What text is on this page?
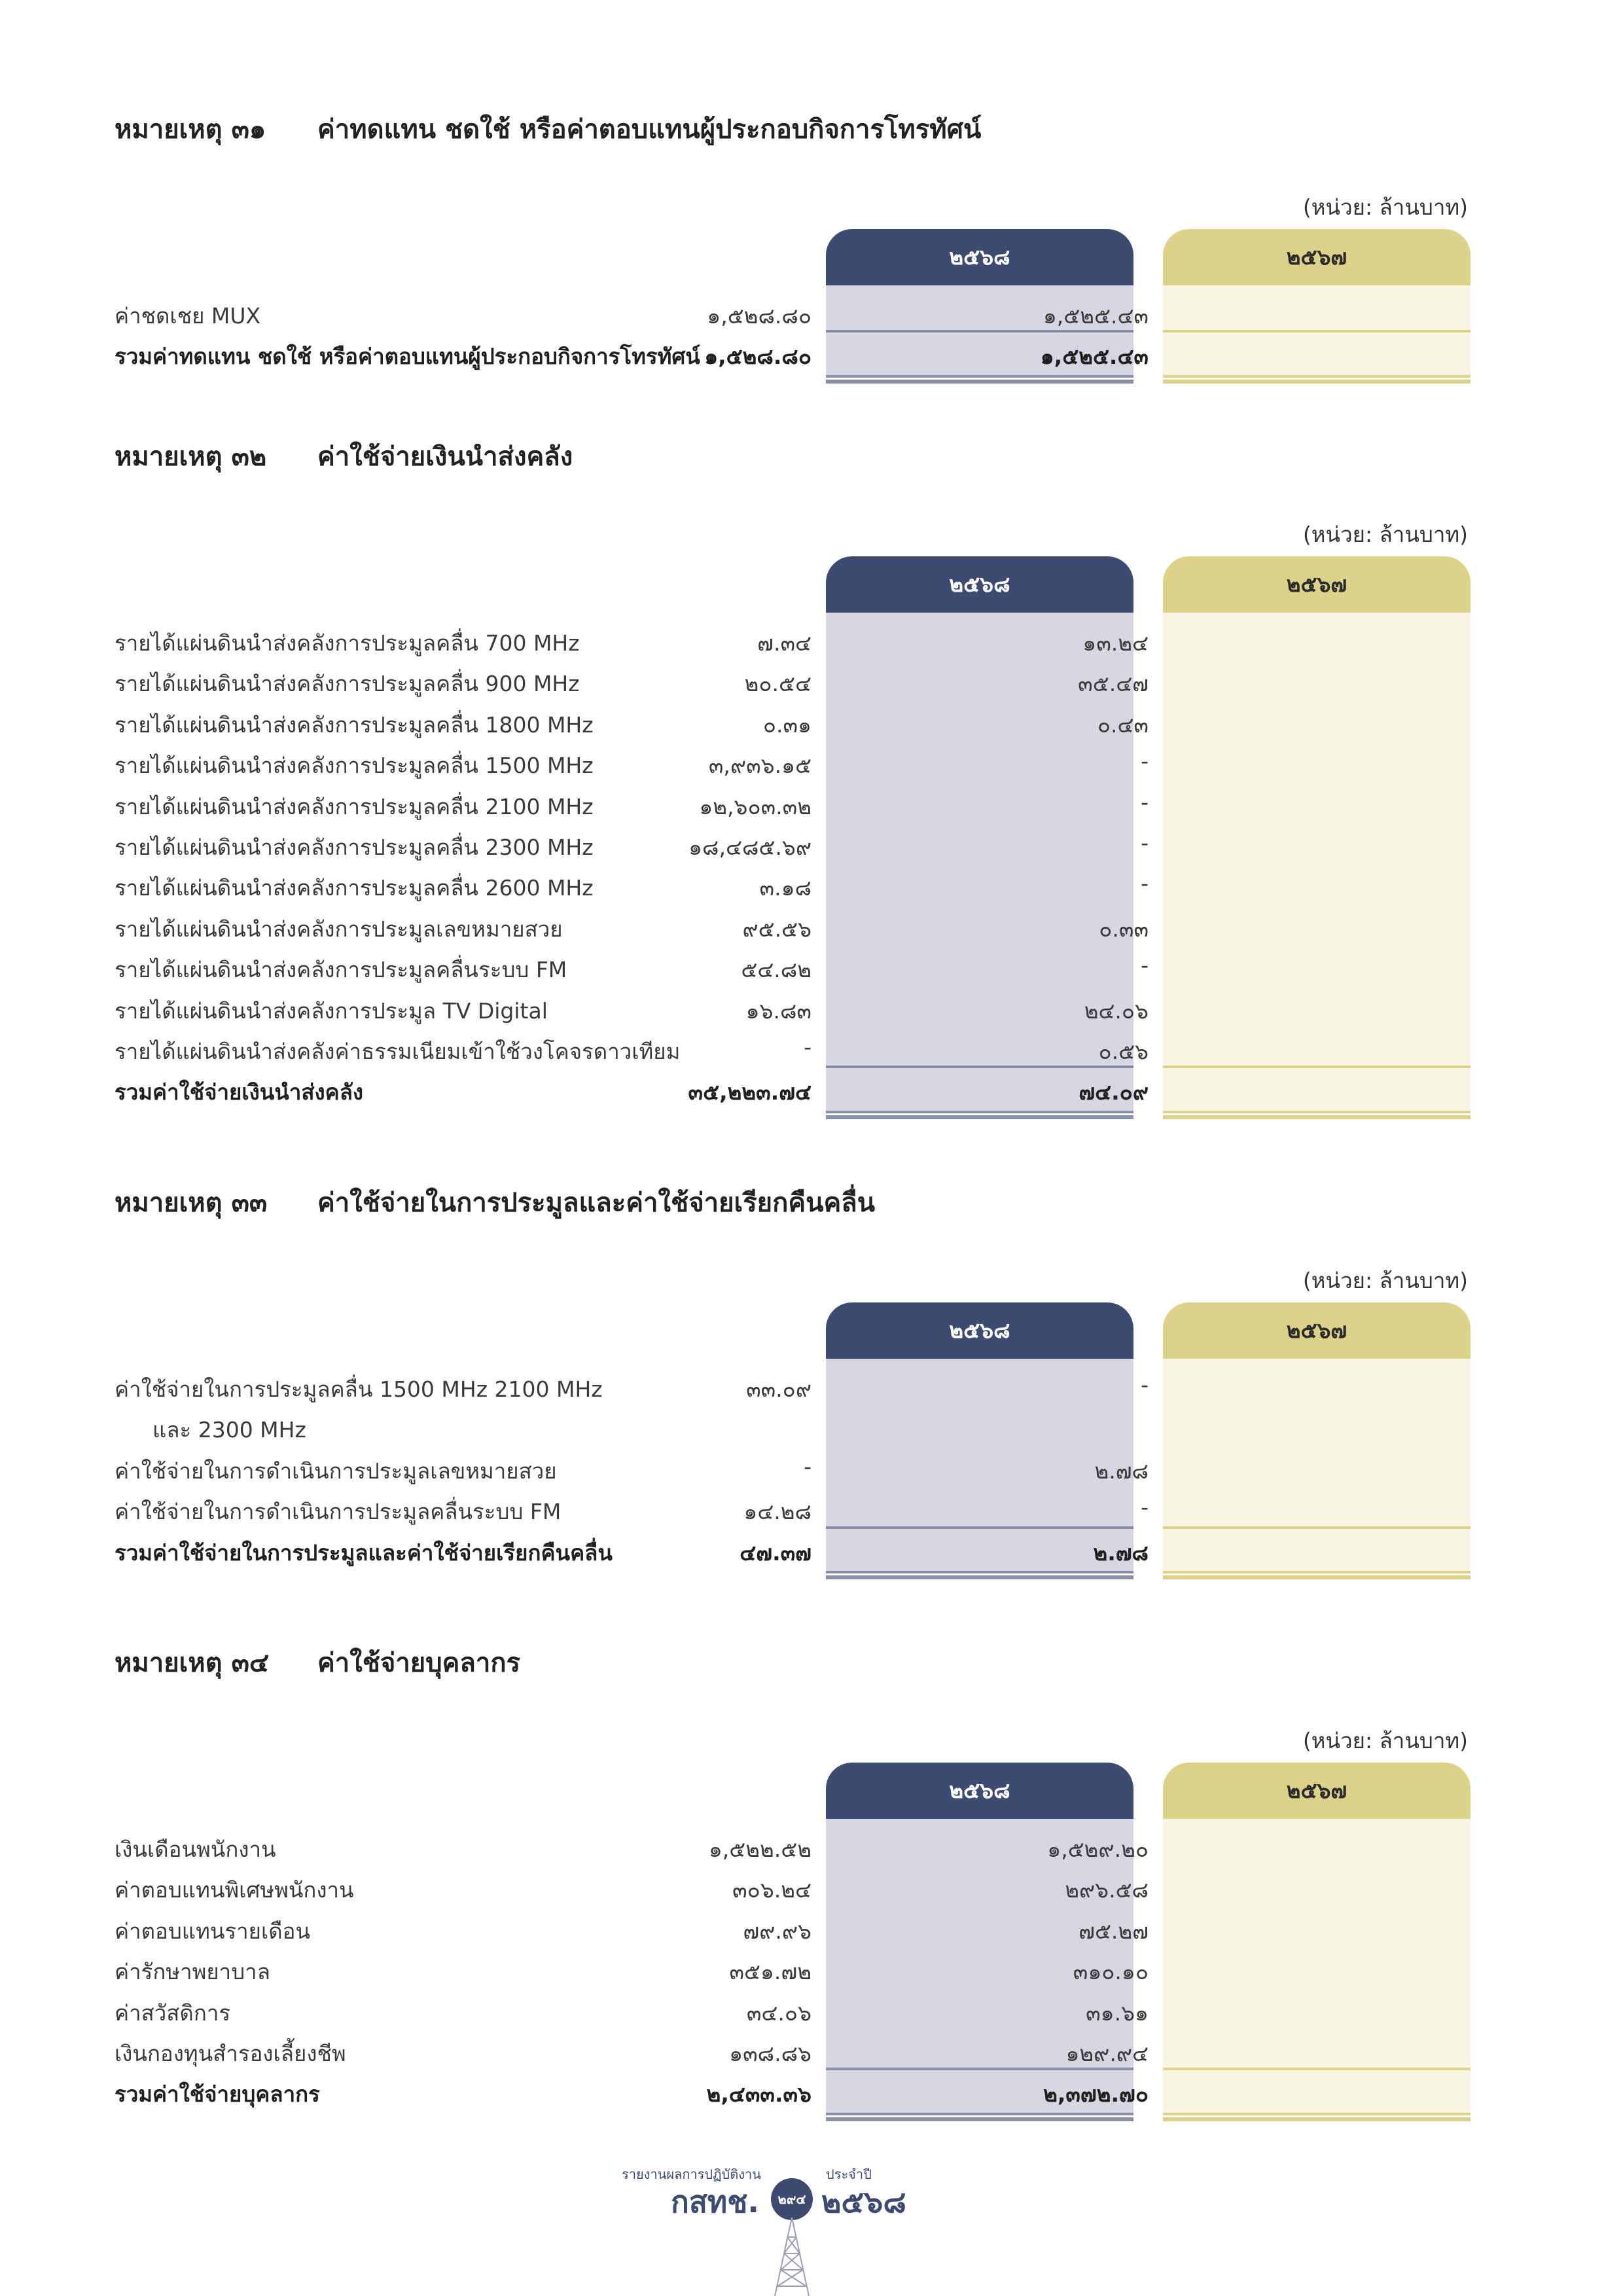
หมายเหตุ ๓๑ ค่าทดแทน ชดใช้ หรือค่าตอบแทนผู้ประกอบกิจการโทรทัศน์
(หน่วย: ล้านบาท)
๒๕๖๘	๒๕๖๗
ค่าชดเชย MUX	๑,๕๒๘.๘๐	๑,๕๒๕.๔๓
รวมค่าทดแทน ชดใช้ หรือค่าตอบแทนผู้ประกอบกิจการโทรทัศน์ ๑,๕๒๘.๘๐	๑,๕๒๕.๔๓
หมายเหตุ ๓๒ ค่าใช้จ่ายเงินนำส่งคลัง
(หน่วย: ล้านบาท)
๒๕๖๘	๒๕๖๗
รายได้แผ่นดินนำส่งคลังการประมูลคลื่น 700 MHz	๗.๓๔	๑๓.๒๔
รายได้แผ่นดินนำส่งคลังการประมูลคลื่น 900 MHz	๒๐.๕๔	๓๕.๔๗
รายได้แผ่นดินนำส่งคลังการประมูลคลื่น 1800 MHz	๐.๓๑	๐.๔๓
รายได้แผ่นดินนำส่งคลังการประมูลคลื่น 1500 MHz	๓,๙๓๖.๑๕	-
รายได้แผ่นดินนำส่งคลังการประมูลคลื่น 2100 MHz	๑๒,๖๐๓.๓๒	-
รายได้แผ่นดินนำส่งคลังการประมูลคลื่น 2300 MHz	๑๘,๔๘๕.๖๙	-
รายได้แผ่นดินนำส่งคลังการประมูลคลื่น 2600 MHz	๓.๑๘	-
รายได้แผ่นดินนำส่งคลังการประมูลเลขหมายสวย	๙๕.๕๖	๐.๓๓
รายได้แผ่นดินนำส่งคลังการประมูลคลื่นระบบ FM	๕๔.๘๒	-
รายได้แผ่นดินนำส่งคลังการประมูล TV Digital	๑๖.๘๓	๒๔.๐๖
รายได้แผ่นดินนำส่งคลังค่าธรรมเนียมเข้าใช้วงโคจรดาวเทียม	-	๐.๕๖
รวมค่าใช้จ่ายเงินนำส่งคลัง	๓๕,๒๒๓.๗๔	๗๔.๐๙
หมายเหตุ ๓๓ ค่าใช้จ่ายในการประมูลและค่าใช้จ่ายเรียกคืนคลื่น
(หน่วย: ล้านบาท)
๒๕๖๘	๒๕๖๗
ค่าใช้จ่ายในการประมูลคลื่น 1500 MHz 2100 MHz	๓๓.๐๙	-
และ 2300 MHz
ค่าใช้จ่ายในการดำเนินการประมูลเลขหมายสวย	-	๒.๗๘
ค่าใช้จ่ายในการดำเนินการประมูลคลื่นระบบ FM	๑๔.๒๘	-
รวมค่าใช้จ่ายในการประมูลและค่าใช้จ่ายเรียกคืนคลื่น	๔๗.๓๗	๒.๗๘
หมายเหตุ ๓๔ ค่าใช้จ่ายบุคลากร
(หน่วย: ล้านบาท)
๒๕๖๘	๒๕๖๗
เงินเดือนพนักงาน	๑,๕๒๒.๕๒	๑,๕๒๙.๒๐
ค่าตอบแทนพิเศษพนักงาน	๓๐๖.๒๔	๒๙๖.๕๘
ค่าตอบแทนรายเดือน	๗๙.๙๖	๗๕.๒๗
ค่ารักษาพยาบาล	๓๕๑.๗๒	๓๑๐.๑๐
ค่าสวัสดิการ	๓๔.๐๖	๓๑.๖๑
เงินกองทุนสำรองเลี้ยงชีพ	๑๓๘.๘๖	๑๒๙.๙๔
รวมค่าใช้จ่ายบุคลากร	๒,๔๓๓.๓๖	๒,๓๗๒.๗๐
รายงานผลการปฏิบัติงาน	ประจำปี
กสทช.	๒๙๔ ๒๕๖๘
